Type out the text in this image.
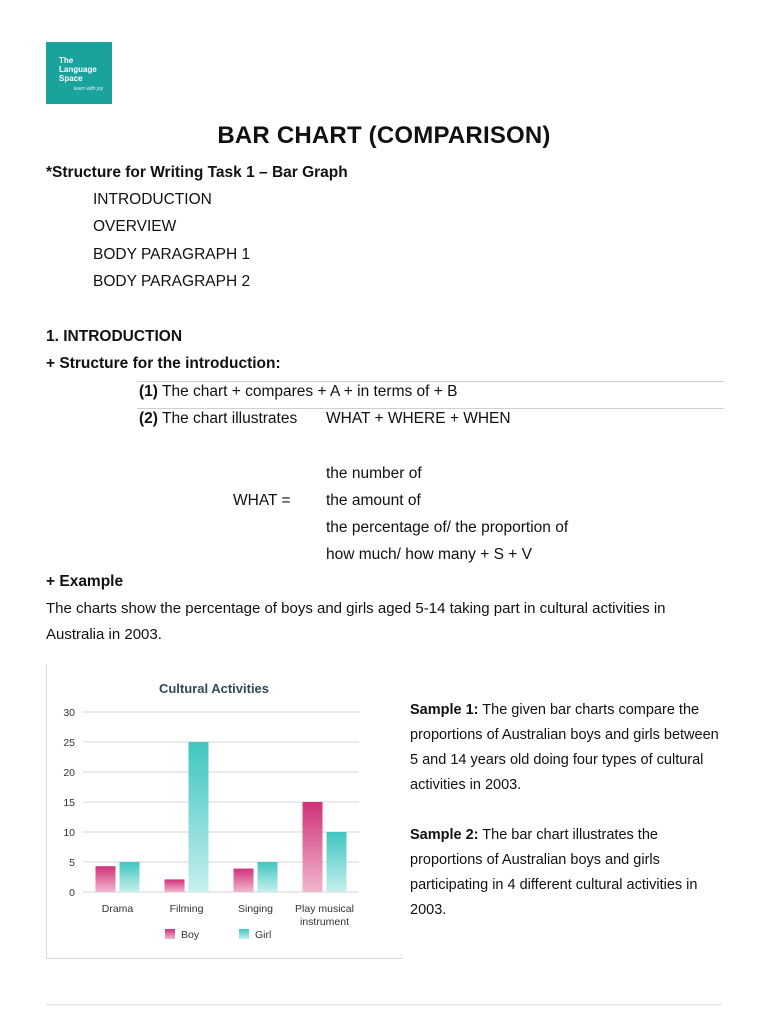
The
Language
Space
learn with joy
BAR CHART (COMPARISON)
*Structure for Writing Task 1 – Bar Graph
INTRODUCTION
OVERVIEW
BODY PARAGRAPH 1
BODY PARAGRAPH 2
1. INTRODUCTION
+ Structure for the introduction:
(1) The chart + compares + A + in terms of + B
(2) The chart illustrates WHAT + WHERE + WHEN
the number of
WHAT = the amount of
the percentage of/ the proportion of
how much/ how many + S + V
+ Example
The charts show the percentage of boys and girls aged 5-14 taking part in cultural activities in Australia in 2003.
Cultural Activities
0
5
10
15
20
25
30
Drama	Filming	Singing Play musical
instrument
Boy	Girl
Sample 1: The given bar charts compare the proportions of Australian boys and girls between 5 and 14 years old doing four types of cultural activities in 2003.
Sample 2: The bar chart illustrates the proportions of Australian boys and girls participating in 4 different cultural activities in 2003.
